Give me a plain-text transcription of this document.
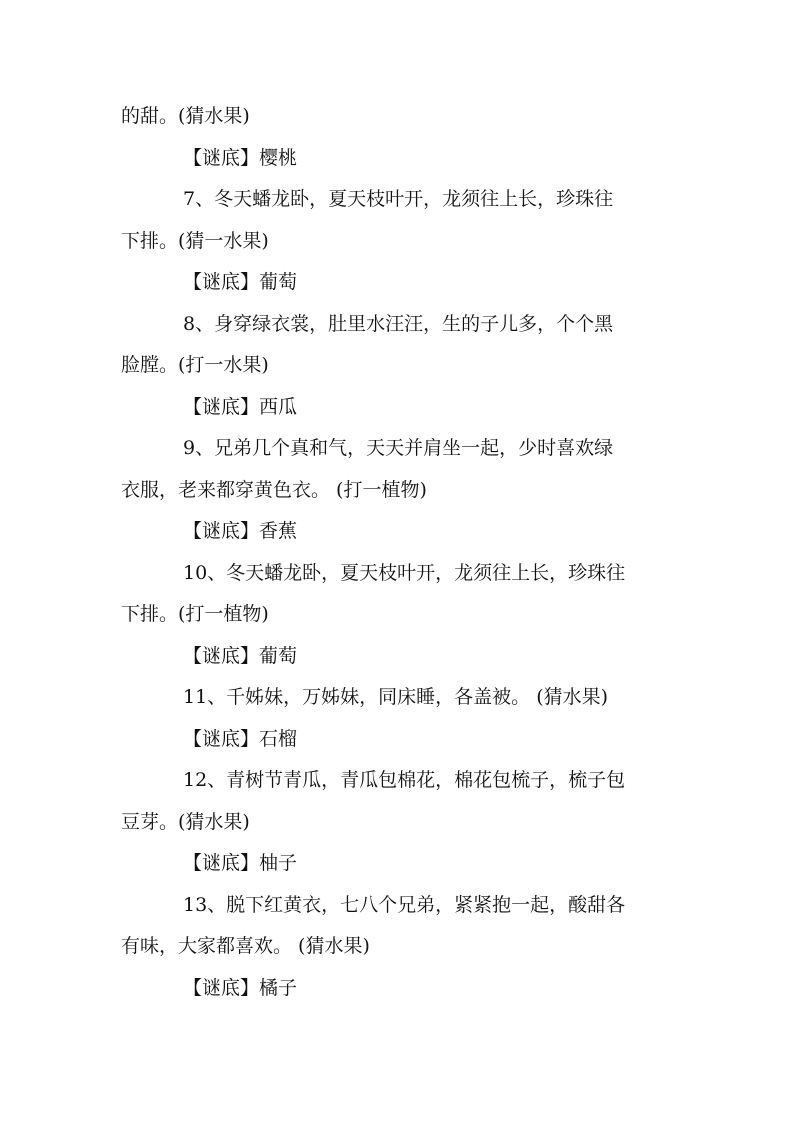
的甜。(猜水果)
【谜底】樱桃
7、冬天蟠龙卧，夏天枝叶开，龙须往上长，珍珠往
下排。(猜一水果)
【谜底】葡萄
8、身穿绿衣裳，肚里水汪汪，生的子儿多，个个黑
脸膛。(打一水果)
【谜底】西瓜
9、兄弟几个真和气，天天并肩坐一起，少时喜欢绿
衣服，老来都穿黄色衣。 (打一植物)
【谜底】香蕉
10、冬天蟠龙卧，夏天枝叶开，龙须往上长，珍珠往
下排。(打一植物)
【谜底】葡萄
11、千姊妹，万姊妹，同床睡，各盖被。 (猜水果)
【谜底】石榴
12、青树节青瓜，青瓜包棉花，棉花包梳子，梳子包
豆芽。(猜水果)
【谜底】柚子
13、脱下红黄衣，七八个兄弟，紧紧抱一起，酸甜各
有味，大家都喜欢。 (猜水果)
【谜底】橘子
